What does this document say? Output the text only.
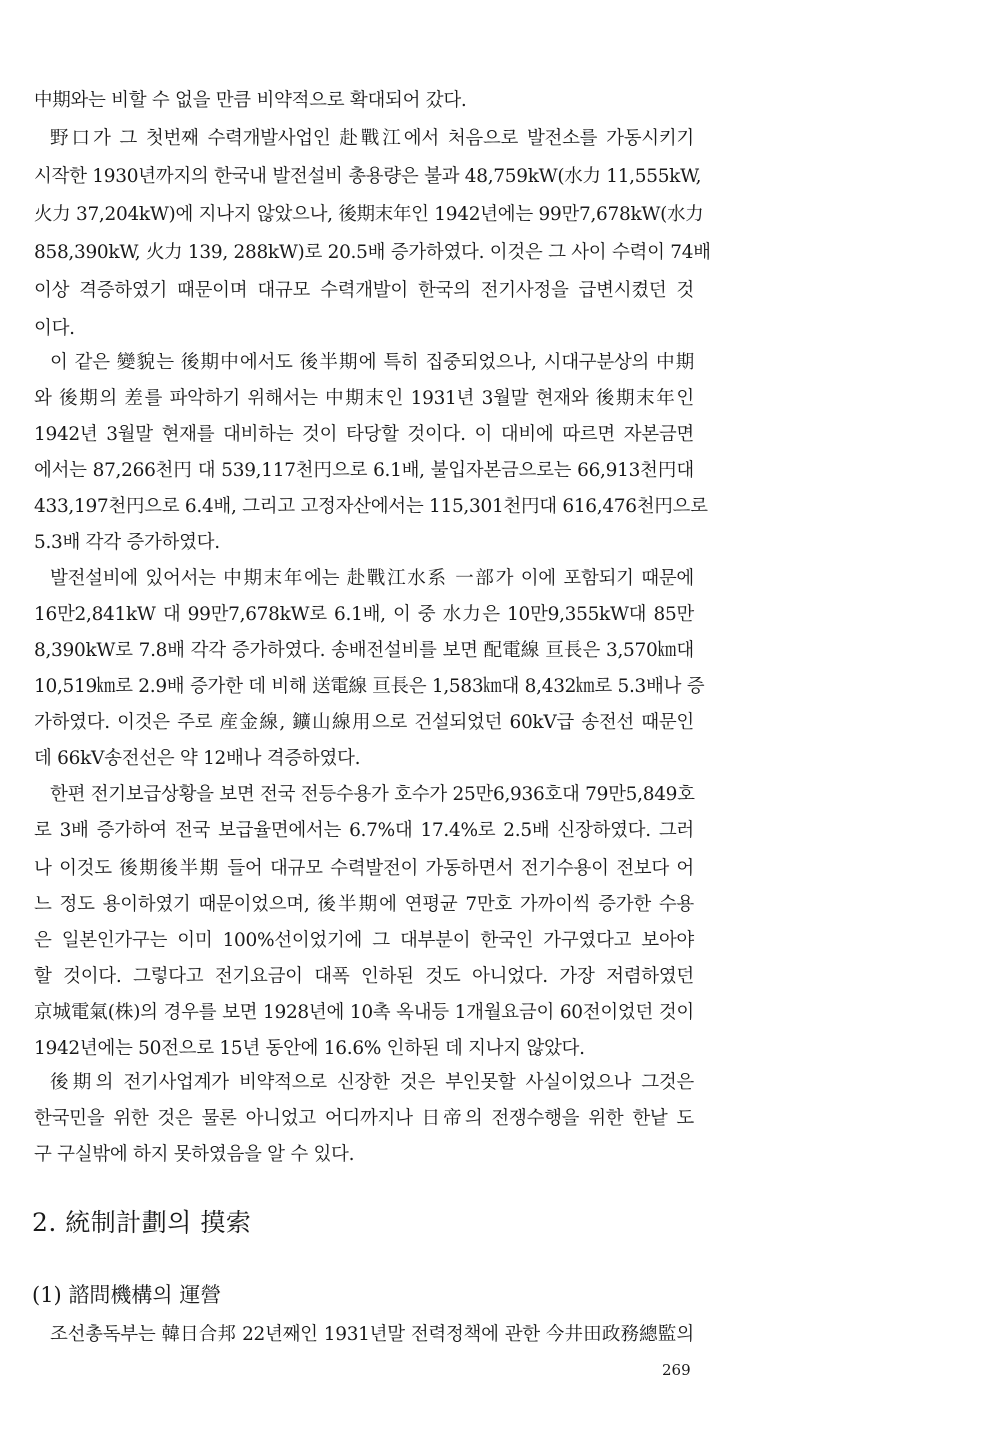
中期와는 비할 수 없을 만큼 비약적으로 확대되어 갔다.
野口가 그 첫번째 수력개발사업인 赴戰江에서 처음으로 발전소를 가동시키기
시작한 1930년까지의 한국내 발전설비 총용량은 불과 48,759kW(水力 11,555kW,
火力 37,204kW)에 지나지 않았으나, 後期末年인 1942년에는 99만7,678kW(水力
858,390kW, 火力 139, 288kW)로 20.5배 증가하였다. 이것은 그 사이 수력이 74배
이상 격증하였기 때문이며 대규모 수력개발이 한국의 전기사정을 급변시켰던 것
이다.
이 같은 變貌는 後期中에서도 後半期에 특히 집중되었으나, 시대구분상의 中期
와 後期의 差를 파악하기 위해서는 中期末인 1931년 3월말 현재와 後期末年인
1942년 3월말 현재를 대비하는 것이 타당할 것이다. 이 대비에 따르면 자본금면
에서는 87,266천円 대 539,117천円으로 6.1배, 불입자본금으로는 66,913천円대
433,197천円으로 6.4배, 그리고 고정자산에서는 115,301천円대 616,476천円으로
5.3배 각각 증가하였다.
발전설비에 있어서는 中期末年에는 赴戰江水系 一部가 이에 포함되기 때문에
16만2,841kW 대 99만7,678kW로 6.1배, 이 중 水力은 10만9,355kW대 85만
8,390kW로 7.8배 각각 증가하였다. 송배전설비를 보면 配電線 亘長은 3,570㎞대
10,519㎞로 2.9배 증가한 데 비해 送電線 亘長은 1,583㎞대 8,432㎞로 5.3배나 증
가하였다. 이것은 주로 産金線, 鑛山線用으로 건설되었던 60kV급 송전선 때문인
데 66kV송전선은 약 12배나 격증하였다.
한편 전기보급상황을 보면 전국 전등수용가 호수가 25만6,936호대 79만5,849호
로 3배 증가하여 전국 보급율면에서는 6.7%대 17.4%로 2.5배 신장하였다. 그러
나 이것도 後期後半期 들어 대규모 수력발전이 가동하면서 전기수용이 전보다 어
느 정도 용이하였기 때문이었으며, 後半期에 연평균 7만호 가까이씩 증가한 수용
은 일본인가구는 이미 100%선이었기에 그 대부분이 한국인 가구였다고 보아야
할 것이다. 그렇다고 전기요금이 대폭 인하된 것도 아니었다. 가장 저렴하였던
京城電氣(株)의 경우를 보면 1928년에 10촉 옥내등 1개월요금이 60전이었던 것이
1942년에는 50전으로 15년 동안에 16.6% 인하된 데 지나지 않았다.
後期의 전기사업계가 비약적으로 신장한 것은 부인못할 사실이었으나 그것은
한국민을 위한 것은 물론 아니었고 어디까지나 日帝의 전쟁수행을 위한 한낱 도
구 구실밖에 하지 못하였음을 알 수 있다.
2. 統制計劃의 摸索
(1) 諮問機構의 運營
조선총독부는 韓日合邦 22년째인 1931년말 전력정책에 관한 今井田政務總監의
269
